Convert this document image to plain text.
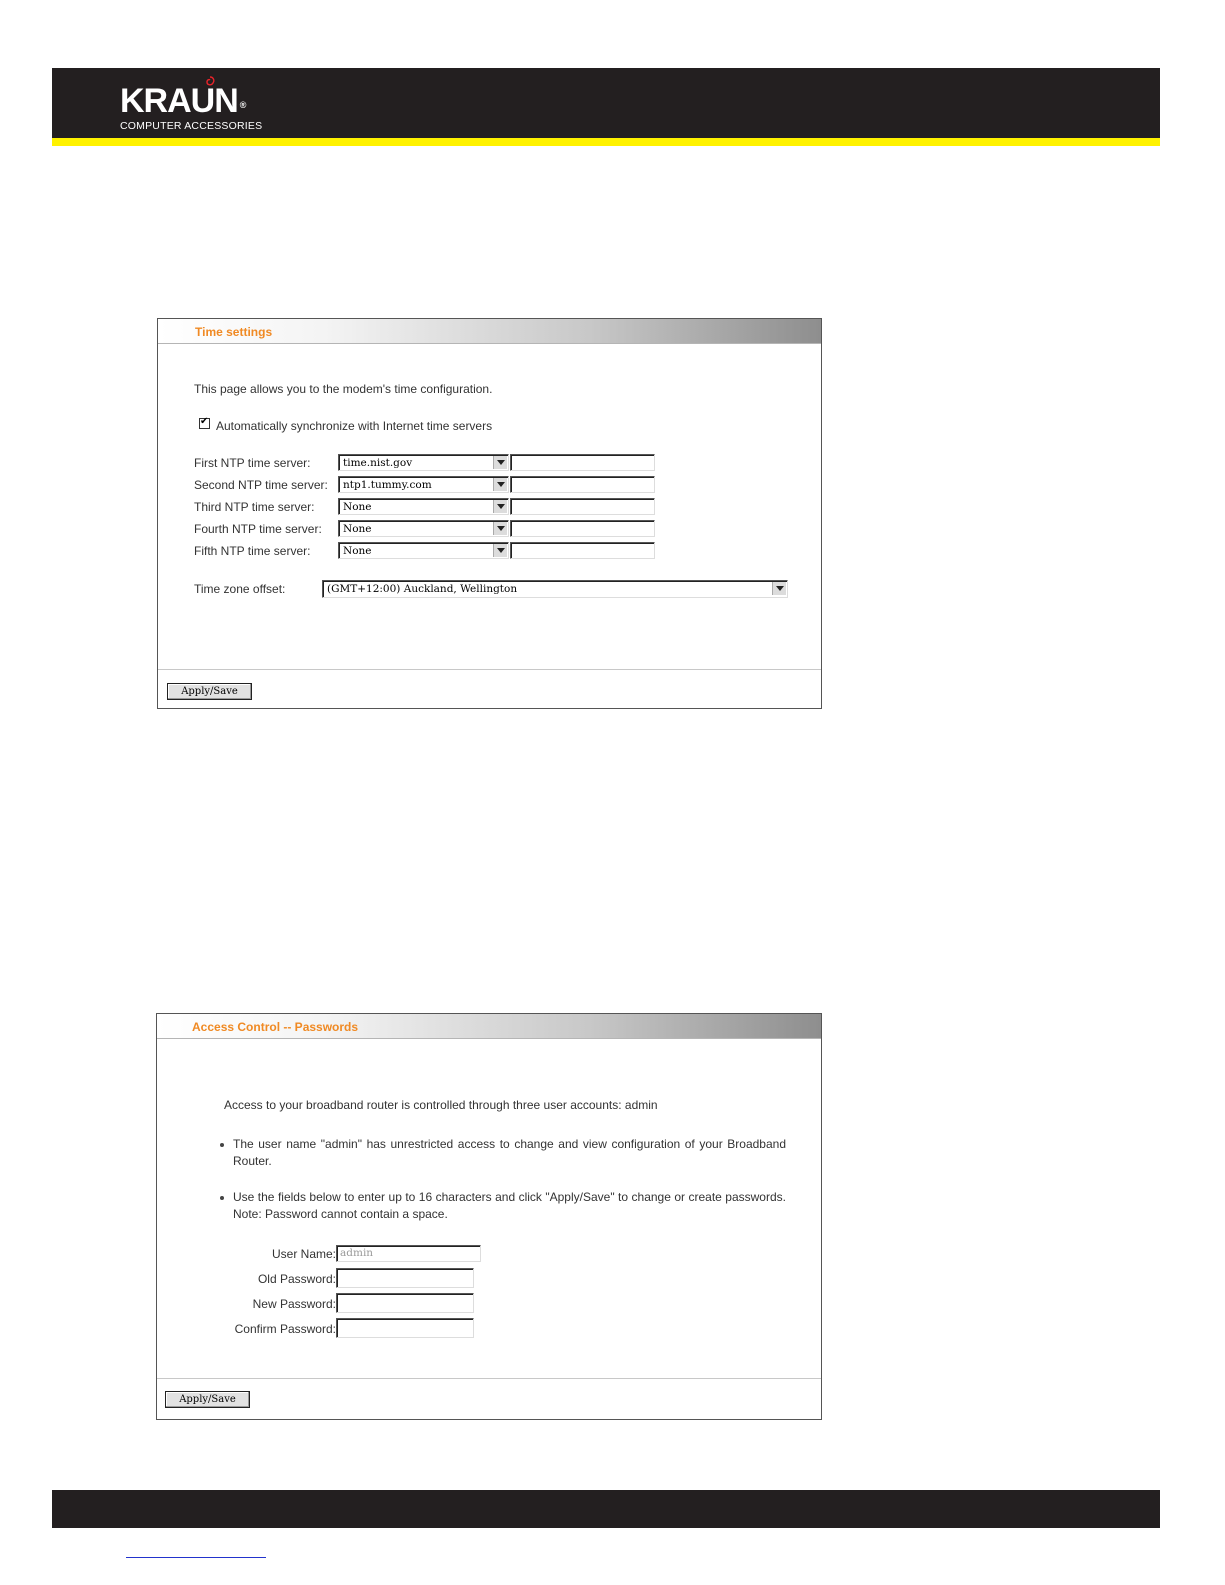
KRAUN ®
COMPUTER ACCESSORIES
Time settings
This page allows you to the modem's time configuration.
✔
Automatically synchronize with Internet time servers
First NTP time server:	time.nist.gov
Second NTP time server: ntp1.tummy.com
Third NTP time server:	None
Fourth NTP time server: None
Fifth NTP time server:	None
Time zone offset:	(GMT+12:00) Auckland, Wellington
Apply/Save
Access Control -- Passwords
Access to your broadband router is controlled through three user accounts: admin
The user name "admin" has unrestricted access to change and view configuration of your Broadband Router.
Use the fields below to enter up to 16 characters and click "Apply/Save" to change or create passwords. Note: Password cannot contain a space.
User Name: admin
Old Password:
New Password:
Confirm Password:
Apply/Save
